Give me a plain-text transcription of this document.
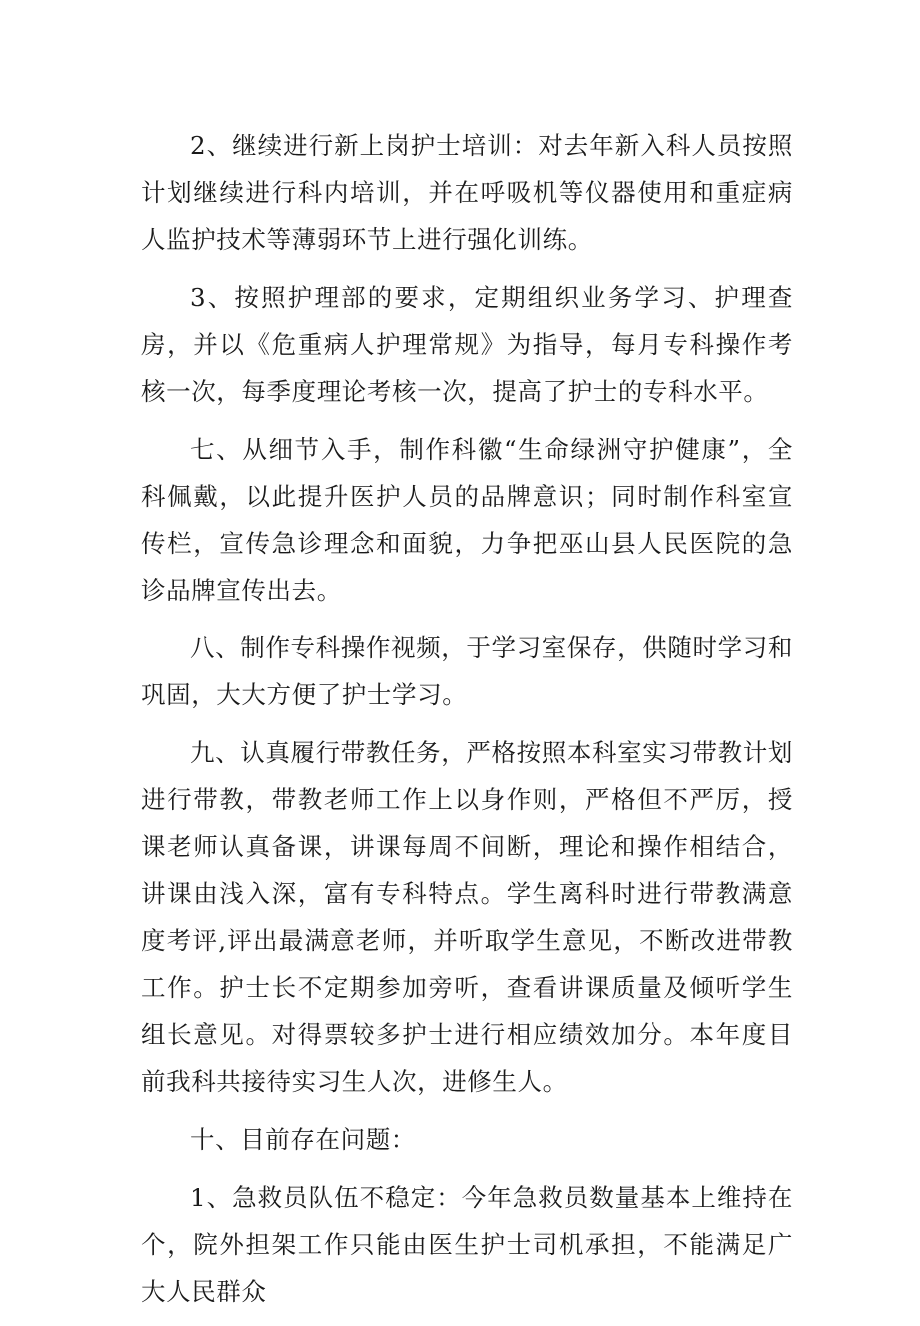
2、继续进行新上岗护士培训：对去年新入科人员按照计划继续进行科内培训，并在呼吸机等仪器使用和重症病人监护技术等薄弱环节上进行强化训练。

3、按照护理部的要求，定期组织业务学习、护理查房，并以《危重病人护理常规》为指导，每月专科操作考核一次，每季度理论考核一次，提高了护士的专科水平。

七、从细节入手，制作科徽“生命绿洲守护健康”，全科佩戴，以此提升医护人员的品牌意识；同时制作科室宣传栏，宣传急诊理念和面貌，力争把巫山县人民医院的急诊品牌宣传出去。

八、制作专科操作视频，于学习室保存，供随时学习和巩固，大大方便了护士学习。

九、认真履行带教任务，严格按照本科室实习带教计划进行带教，带教老师工作上以身作则，严格但不严厉，授课老师认真备课，讲课每周不间断，理论和操作相结合，讲课由浅入深，富有专科特点。学生离科时进行带教满意度考评,评出最满意老师，并听取学生意见，不断改进带教工作。护士长不定期参加旁听，查看讲课质量及倾听学生组长意见。对得票较多护士进行相应绩效加分。本年度目前我科共接待实习生人次，进修生人。

十、目前存在问题：

1、急救员队伍不稳定：今年急救员数量基本上维持在个，院外担架工作只能由医生护士司机承担，不能满足广大人民群众
